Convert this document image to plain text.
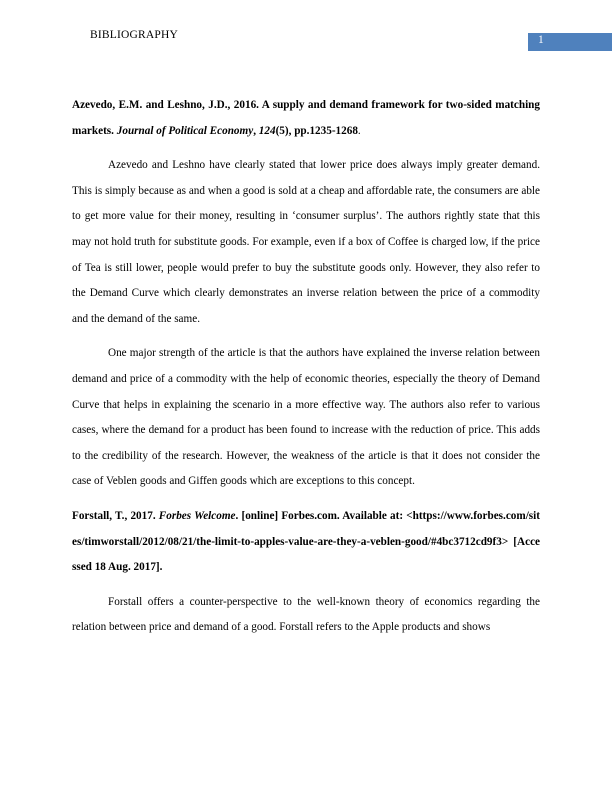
BIBLIOGRAPHY	1

Azevedo, E.M. and Leshno, J.D., 2016. A supply and demand framework for two-sided matching markets. Journal of Political Economy, 124(5), pp.1235-1268.

Azevedo and Leshno have clearly stated that lower price does always imply greater demand. This is simply because as and when a good is sold at a cheap and affordable rate, the consumers are able to get more value for their money, resulting in ‘consumer surplus’. The authors rightly state that this may not hold truth for substitute goods. For example, even if a box of Coffee is charged low, if the price of Tea is still lower, people would prefer to buy the substitute goods only. However, they also refer to the Demand Curve which clearly demonstrates an inverse relation between the price of a commodity and the demand of the same.

One major strength of the article is that the authors have explained the inverse relation between demand and price of a commodity with the help of economic theories, especially the theory of Demand Curve that helps in explaining the scenario in a more effective way. The authors also refer to various cases, where the demand for a product has been found to increase with the reduction of price. This adds to the credibility of the research. However, the weakness of the article is that it does not consider the case of Veblen goods and Giffen goods which are exceptions to this concept.

Forstall, T., 2017. Forbes Welcome. [online] Forbes.com. Available at: <https://www.forbes.com/sites/timworstall/2012/08/21/the-limit-to-apples-value-are-they-a-veblen-good/#4bc3712cd9f3> [Accessed 18 Aug. 2017].

Forstall offers a counter-perspective to the well-known theory of economics regarding the relation between price and demand of a good. Forstall refers to the Apple products and shows
